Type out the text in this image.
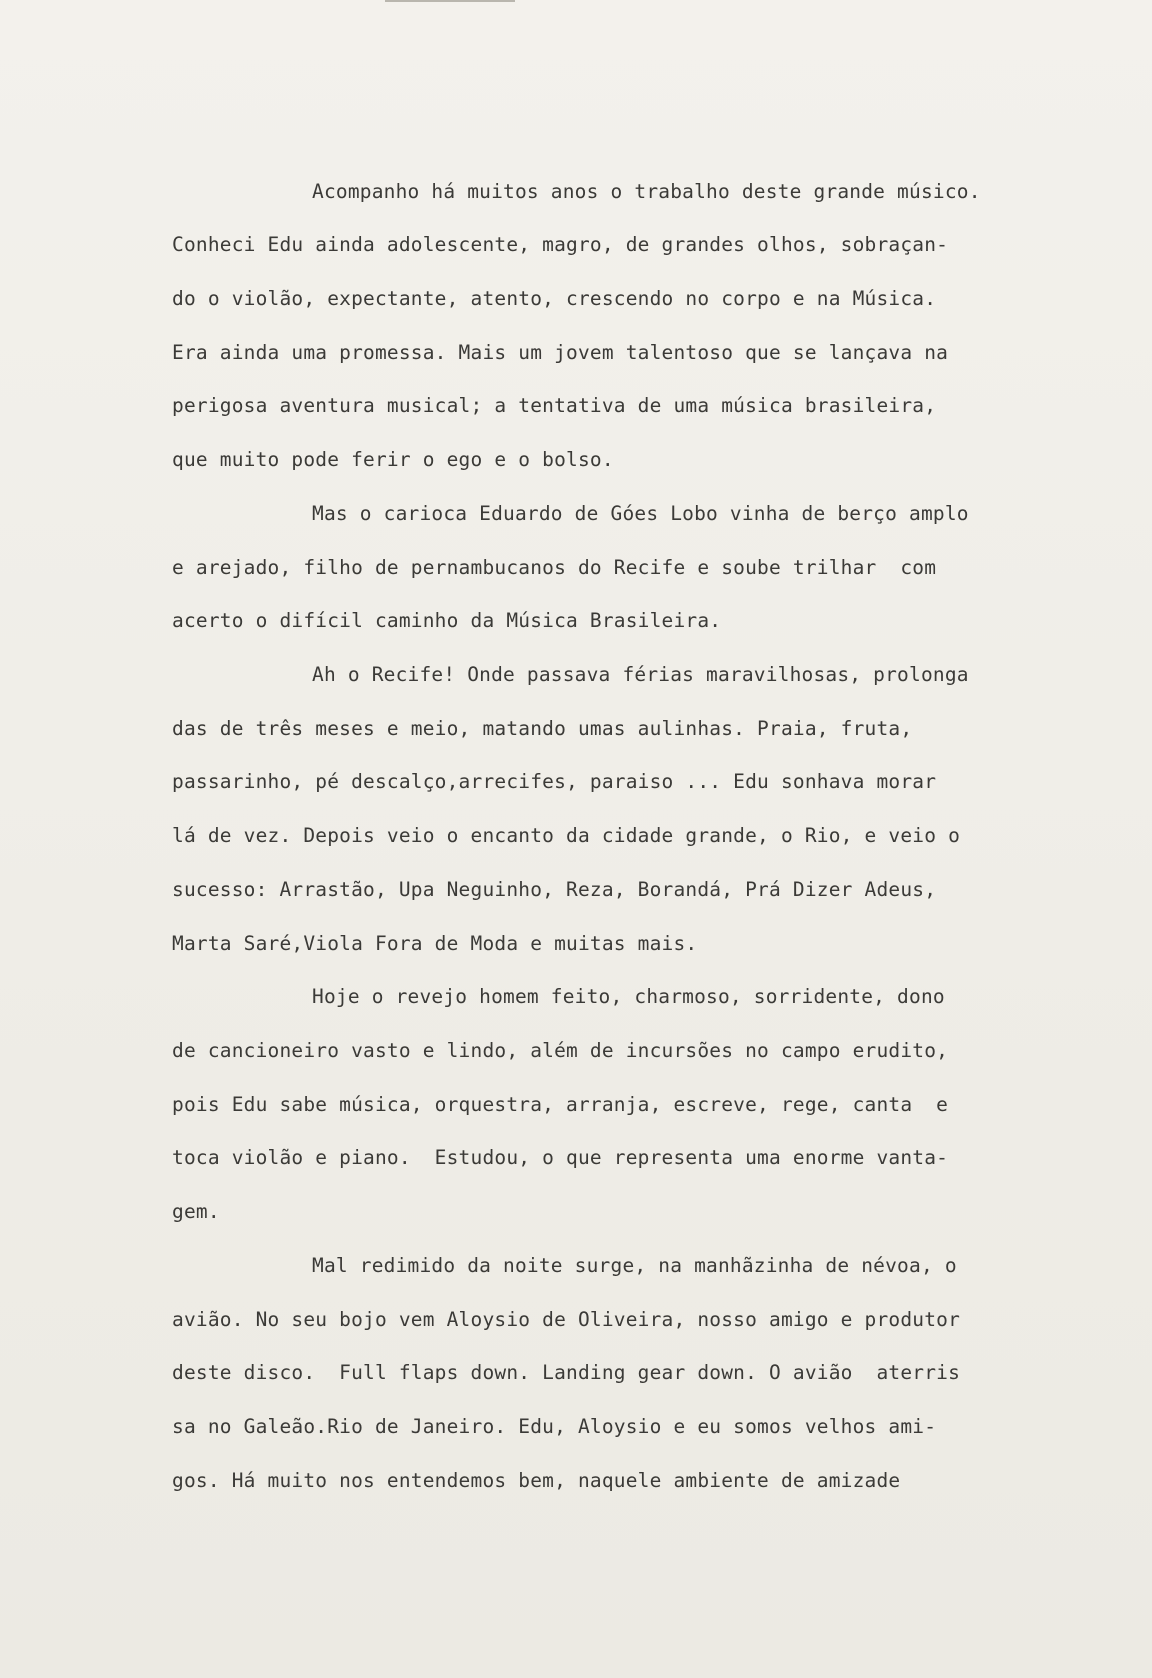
Acompanho há muitos anos o trabalho deste grande músico.
Conheci Edu ainda adolescente, magro, de grandes olhos, sobraçan-
do o violão, expectante, atento, crescendo no corpo e na Música.
Era ainda uma promessa. Mais um jovem talentoso que se lançava na
perigosa aventura musical; a tentativa de uma música brasileira,
que muito pode ferir o ego e o bolso.
Mas o carioca Eduardo de Góes Lobo vinha de berço amplo
e arejado, filho de pernambucanos do Recife e soube trilhar  com
acerto o difícil caminho da Música Brasileira.
Ah o Recife! Onde passava férias maravilhosas, prolonga
das de três meses e meio, matando umas aulinhas. Praia, fruta,
passarinho, pé descalço,arrecifes, paraiso ... Edu sonhava morar
lá de vez. Depois veio o encanto da cidade grande, o Rio, e veio o
sucesso: Arrastão, Upa Neguinho, Reza, Borandá, Prá Dizer Adeus,
Marta Saré,Viola Fora de Moda e muitas mais.
Hoje o revejo homem feito, charmoso, sorridente, dono
de cancioneiro vasto e lindo, além de incursões no campo erudito,
pois Edu sabe música, orquestra, arranja, escreve, rege, canta  e
toca violão e piano.  Estudou, o que representa uma enorme vanta-
gem.
Mal redimido da noite surge, na manhãzinha de névoa, o
avião. No seu bojo vem Aloysio de Oliveira, nosso amigo e produtor
deste disco.  Full flaps down. Landing gear down. O avião  aterris
sa no Galeão.Rio de Janeiro. Edu, Aloysio e eu somos velhos ami-
gos. Há muito nos entendemos bem, naquele ambiente de amizade
